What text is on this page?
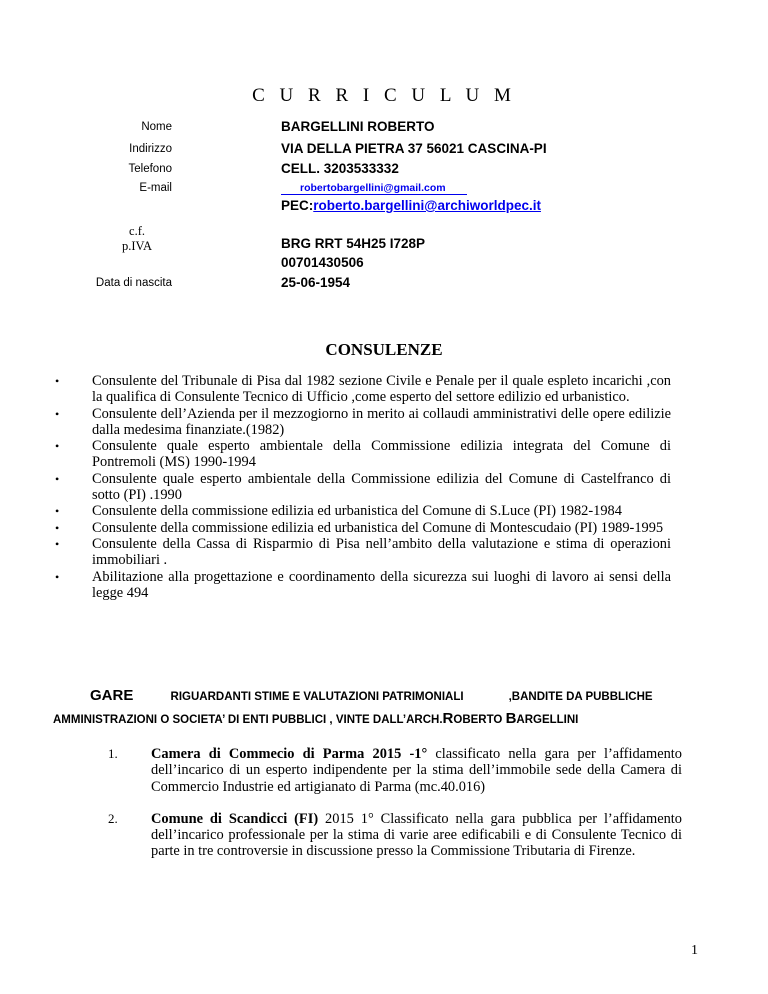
C U R R I C U L U M
Nome	BARGELLINI ROBERTO
Indirizzo	VIA DELLA PIETRA 37 56021 CASCINA-PI
Telefono	CELL. 3203533332
E-mail	robertobargellini@gmail.com
PEC:roberto.bargellini@archiworldpec.it
c.f.
p.IVA	BRG RRT 54H25 I728P
00701430506
Data di nascita	25-06-1954
CONSULENZE
• Consulente del Tribunale di Pisa dal 1982 sezione Civile e Penale per il quale espleto incarichi ,con la qualifica di Consulente Tecnico di Ufficio ,come esperto del settore edilizio ed urbanistico.
• Consulente dell’Azienda per il mezzogiorno in merito ai collaudi amministrativi delle opere edilizie dalla medesima finanziate.(1982)
• Consulente quale esperto ambientale della Commissione edilizia integrata del Comune di Pontremoli (MS) 1990-1994
• Consulente quale esperto ambientale della Commissione edilizia del Comune di Castelfranco di sotto (PI) .1990
• Consulente della commissione edilizia ed urbanistica del Comune di S.Luce (PI) 1982-1984
• Consulente della commissione edilizia ed urbanistica del Comune di Montescudaio (PI) 1989-1995
• Consulente della Cassa di Risparmio di Pisa nell’ambito della valutazione e stima di operazioni immobiliari .
• Abilitazione alla progettazione e coordinamento della sicurezza sui luoghi di lavoro ai sensi della legge 494
GARE	RIGUARDANTI STIME E VALUTAZIONI PATRIMONIALI	,BANDITE DA PUBBLICHE
AMMINISTRAZIONI O SOCIETA’ DI ENTI PUBBLICI , VINTE DALL’ARCH.ROBERTO BARGELLINI
1. Camera di Commecio di Parma 2015 -1° classificato nella gara per l’affidamento dell’incarico di un esperto indipendente per la stima dell’immobile sede della Camera di Commercio Industrie ed artigianato di Parma (mc.40.016)
2. Comune di Scandicci (FI) 2015 1° Classificato nella gara pubblica per l’affidamento dell’incarico professionale per la stima di varie aree edificabili e di Consulente Tecnico di parte in tre controversie in discussione presso la Commissione Tributaria di Firenze.
1
